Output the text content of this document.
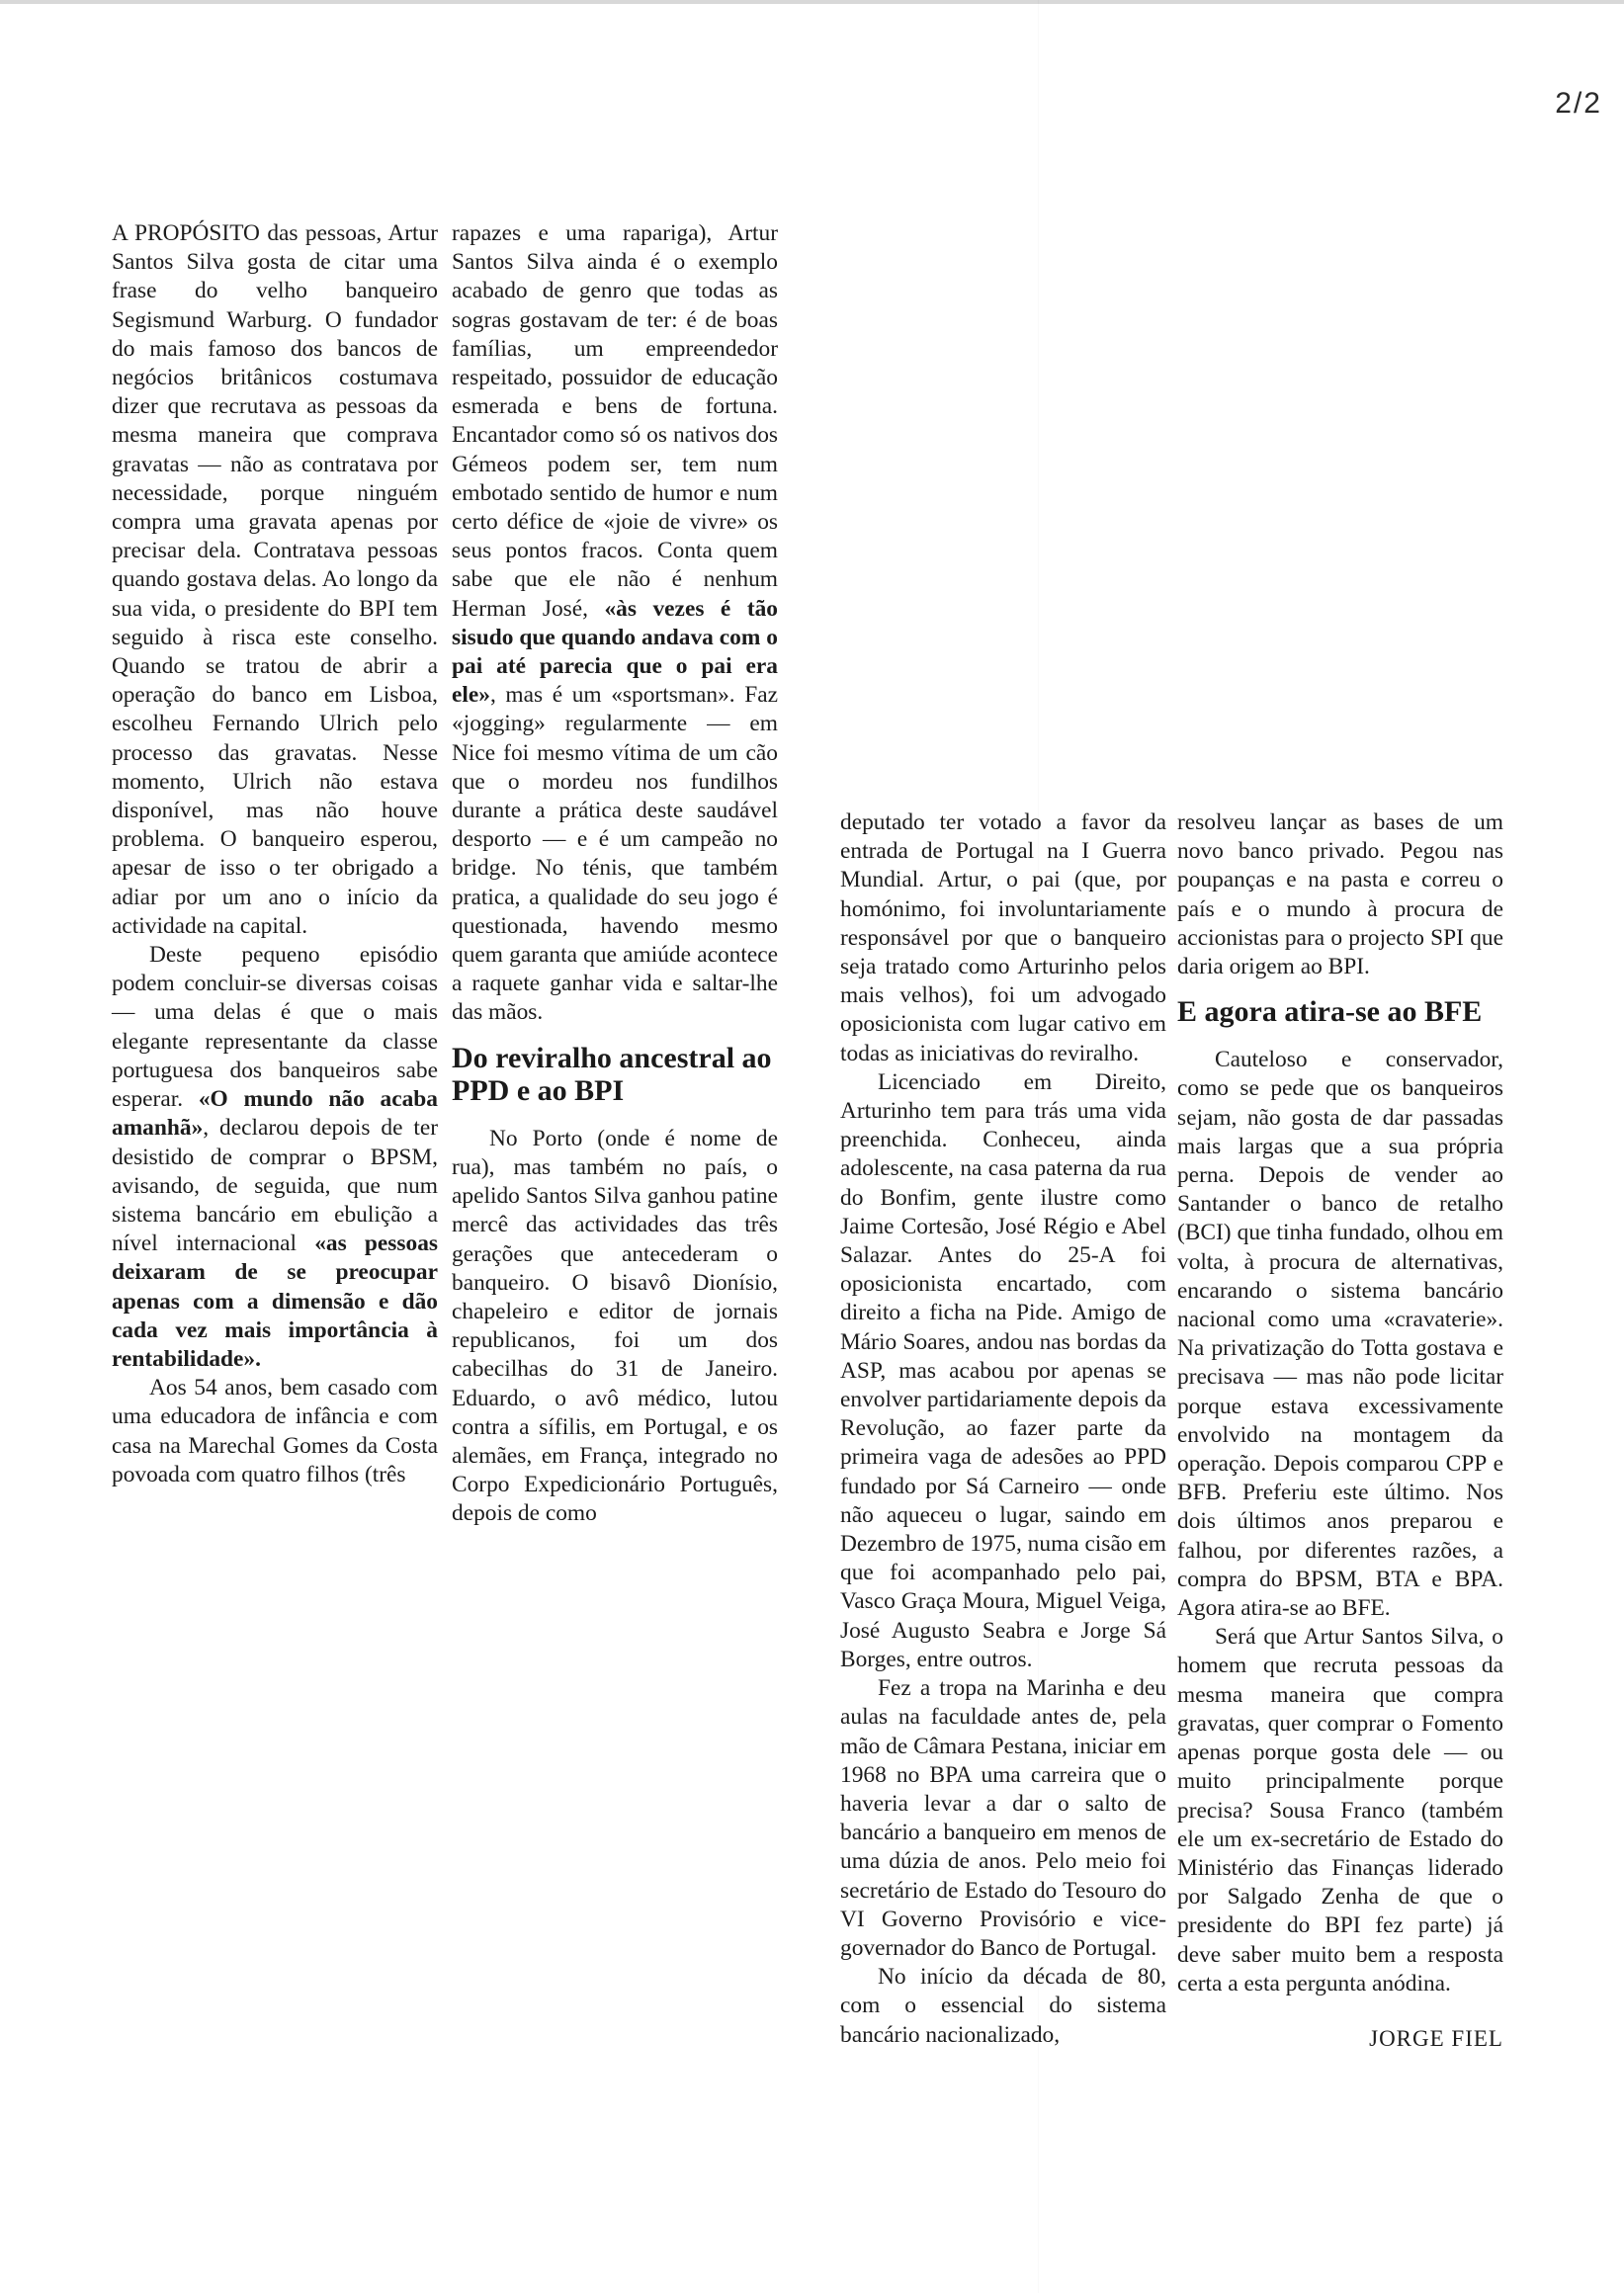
2/2

A PROPÓSITO das pessoas, Artur Santos Silva gosta de citar uma frase do velho banqueiro Segismund Warburg. O fundador do mais famoso dos bancos de negócios britânicos costumava dizer que recrutava as pessoas da mesma maneira que comprava gravatas — não as contratava por necessidade, porque ninguém compra uma gravata apenas por precisar dela. Contratava pessoas quando gostava delas. Ao longo da sua vida, o presidente do BPI tem seguido à risca este conselho. Quando se tratou de abrir a operação do banco em Lisboa, escolheu Fernando Ulrich pelo processo das gravatas. Nesse momento, Ulrich não estava disponível, mas não houve problema. O banqueiro esperou, apesar de isso o ter obrigado a adiar por um ano o início da actividade na capital.

Deste pequeno episódio podem concluir-se diversas coisas — uma delas é que o mais elegante representante da classe portuguesa dos banqueiros sabe esperar. «O mundo não acaba amanhã», declarou depois de ter desistido de comprar o BPSM, avisando, de seguida, que num sistema bancário em ebulição a nível internacional «as pessoas deixaram de se preocupar apenas com a dimensão e dão cada vez mais importância à rentabilidade».

Aos 54 anos, bem casado com uma educadora de infância e com casa na Marechal Gomes da Costa povoada com quatro filhos (três

rapazes e uma rapariga), Artur Santos Silva ainda é o exemplo acabado de genro que todas as sogras gostavam de ter: é de boas famílias, um empreendedor respeitado, possuidor de educação esmerada e bens de fortuna. Encantador como só os nativos dos Gémeos podem ser, tem num embotado sentido de humor e num certo défice de «joie de vivre» os seus pontos fracos. Conta quem sabe que ele não é nenhum Herman José, «às vezes é tão sisudo que quando andava com o pai até parecia que o pai era ele», mas é um «sportsman». Faz «jogging» regularmente — em Nice foi mesmo vítima de um cão que o mordeu nos fundilhos durante a prática deste saudável desporto — e é um campeão no bridge. No ténis, que também pratica, a qualidade do seu jogo é questionada, havendo mesmo quem garanta que amiúde acontece a raquete ganhar vida e saltar-lhe das mãos.

Do reviralho ancestral ao PPD e ao BPI

No Porto (onde é nome de rua), mas também no país, o apelido Santos Silva ganhou patine mercê das actividades das três gerações que antecederam o banqueiro. O bisavô Dionísio, chapeleiro e editor de jornais republicanos, foi um dos cabecilhas do 31 de Janeiro. Eduardo, o avô médico, lutou contra a sífilis, em Portugal, e os alemães, em França, integrado no Corpo Expedicionário Português, depois de como

deputado ter votado a favor da entrada de Portugal na I Guerra Mundial. Artur, o pai (que, por homónimo, foi involuntariamente responsável por que o banqueiro seja tratado como Arturinho pelos mais velhos), foi um advogado oposicionista com lugar cativo em todas as iniciativas do reviralho.

Licenciado em Direito, Arturinho tem para trás uma vida preenchida. Conheceu, ainda adolescente, na casa paterna da rua do Bonfim, gente ilustre como Jaime Cortesão, José Régio e Abel Salazar. Antes do 25-A foi oposicionista encartado, com direito a ficha na Pide. Amigo de Mário Soares, andou nas bordas da ASP, mas acabou por apenas se envolver partidariamente depois da Revolução, ao fazer parte da primeira vaga de adesões ao PPD fundado por Sá Carneiro — onde não aqueceu o lugar, saindo em Dezembro de 1975, numa cisão em que foi acompanhado pelo pai, Vasco Graça Moura, Miguel Veiga, José Augusto Seabra e Jorge Sá Borges, entre outros.

Fez a tropa na Marinha e deu aulas na faculdade antes de, pela mão de Câmara Pestana, iniciar em 1968 no BPA uma carreira que o haveria levar a dar o salto de bancário a banqueiro em menos de uma dúzia de anos. Pelo meio foi secretário de Estado do Tesouro do VI Governo Provisório e vice-governador do Banco de Portugal.

No início da década de 80, com o essencial do sistema bancário nacionalizado,

resolveu lançar as bases de um novo banco privado. Pegou nas poupanças e na pasta e correu o país e o mundo à procura de accionistas para o projecto SPI que daria origem ao BPI.

E agora atira-se ao BFE

Cauteloso e conservador, como se pede que os banqueiros sejam, não gosta de dar passadas mais largas que a sua própria perna. Depois de vender ao Santander o banco de retalho (BCI) que tinha fundado, olhou em volta, à procura de alternativas, encarando o sistema bancário nacional como uma «cravaterie». Na privatização do Totta gostava e precisava — mas não pode licitar porque estava excessivamente envolvido na montagem da operação. Depois comparou CPP e BFB. Preferiu este último. Nos dois últimos anos preparou e falhou, por diferentes razões, a compra do BPSM, BTA e BPA. Agora atira-se ao BFE.

Será que Artur Santos Silva, o homem que recruta pessoas da mesma maneira que compra gravatas, quer comprar o Fomento apenas porque gosta dele — ou muito principalmente porque precisa? Sousa Franco (também ele um ex-secretário de Estado do Ministério das Finanças liderado por Salgado Zenha de que o presidente do BPI fez parte) já deve saber muito bem a resposta certa a esta pergunta anódina.

JORGE FIEL
